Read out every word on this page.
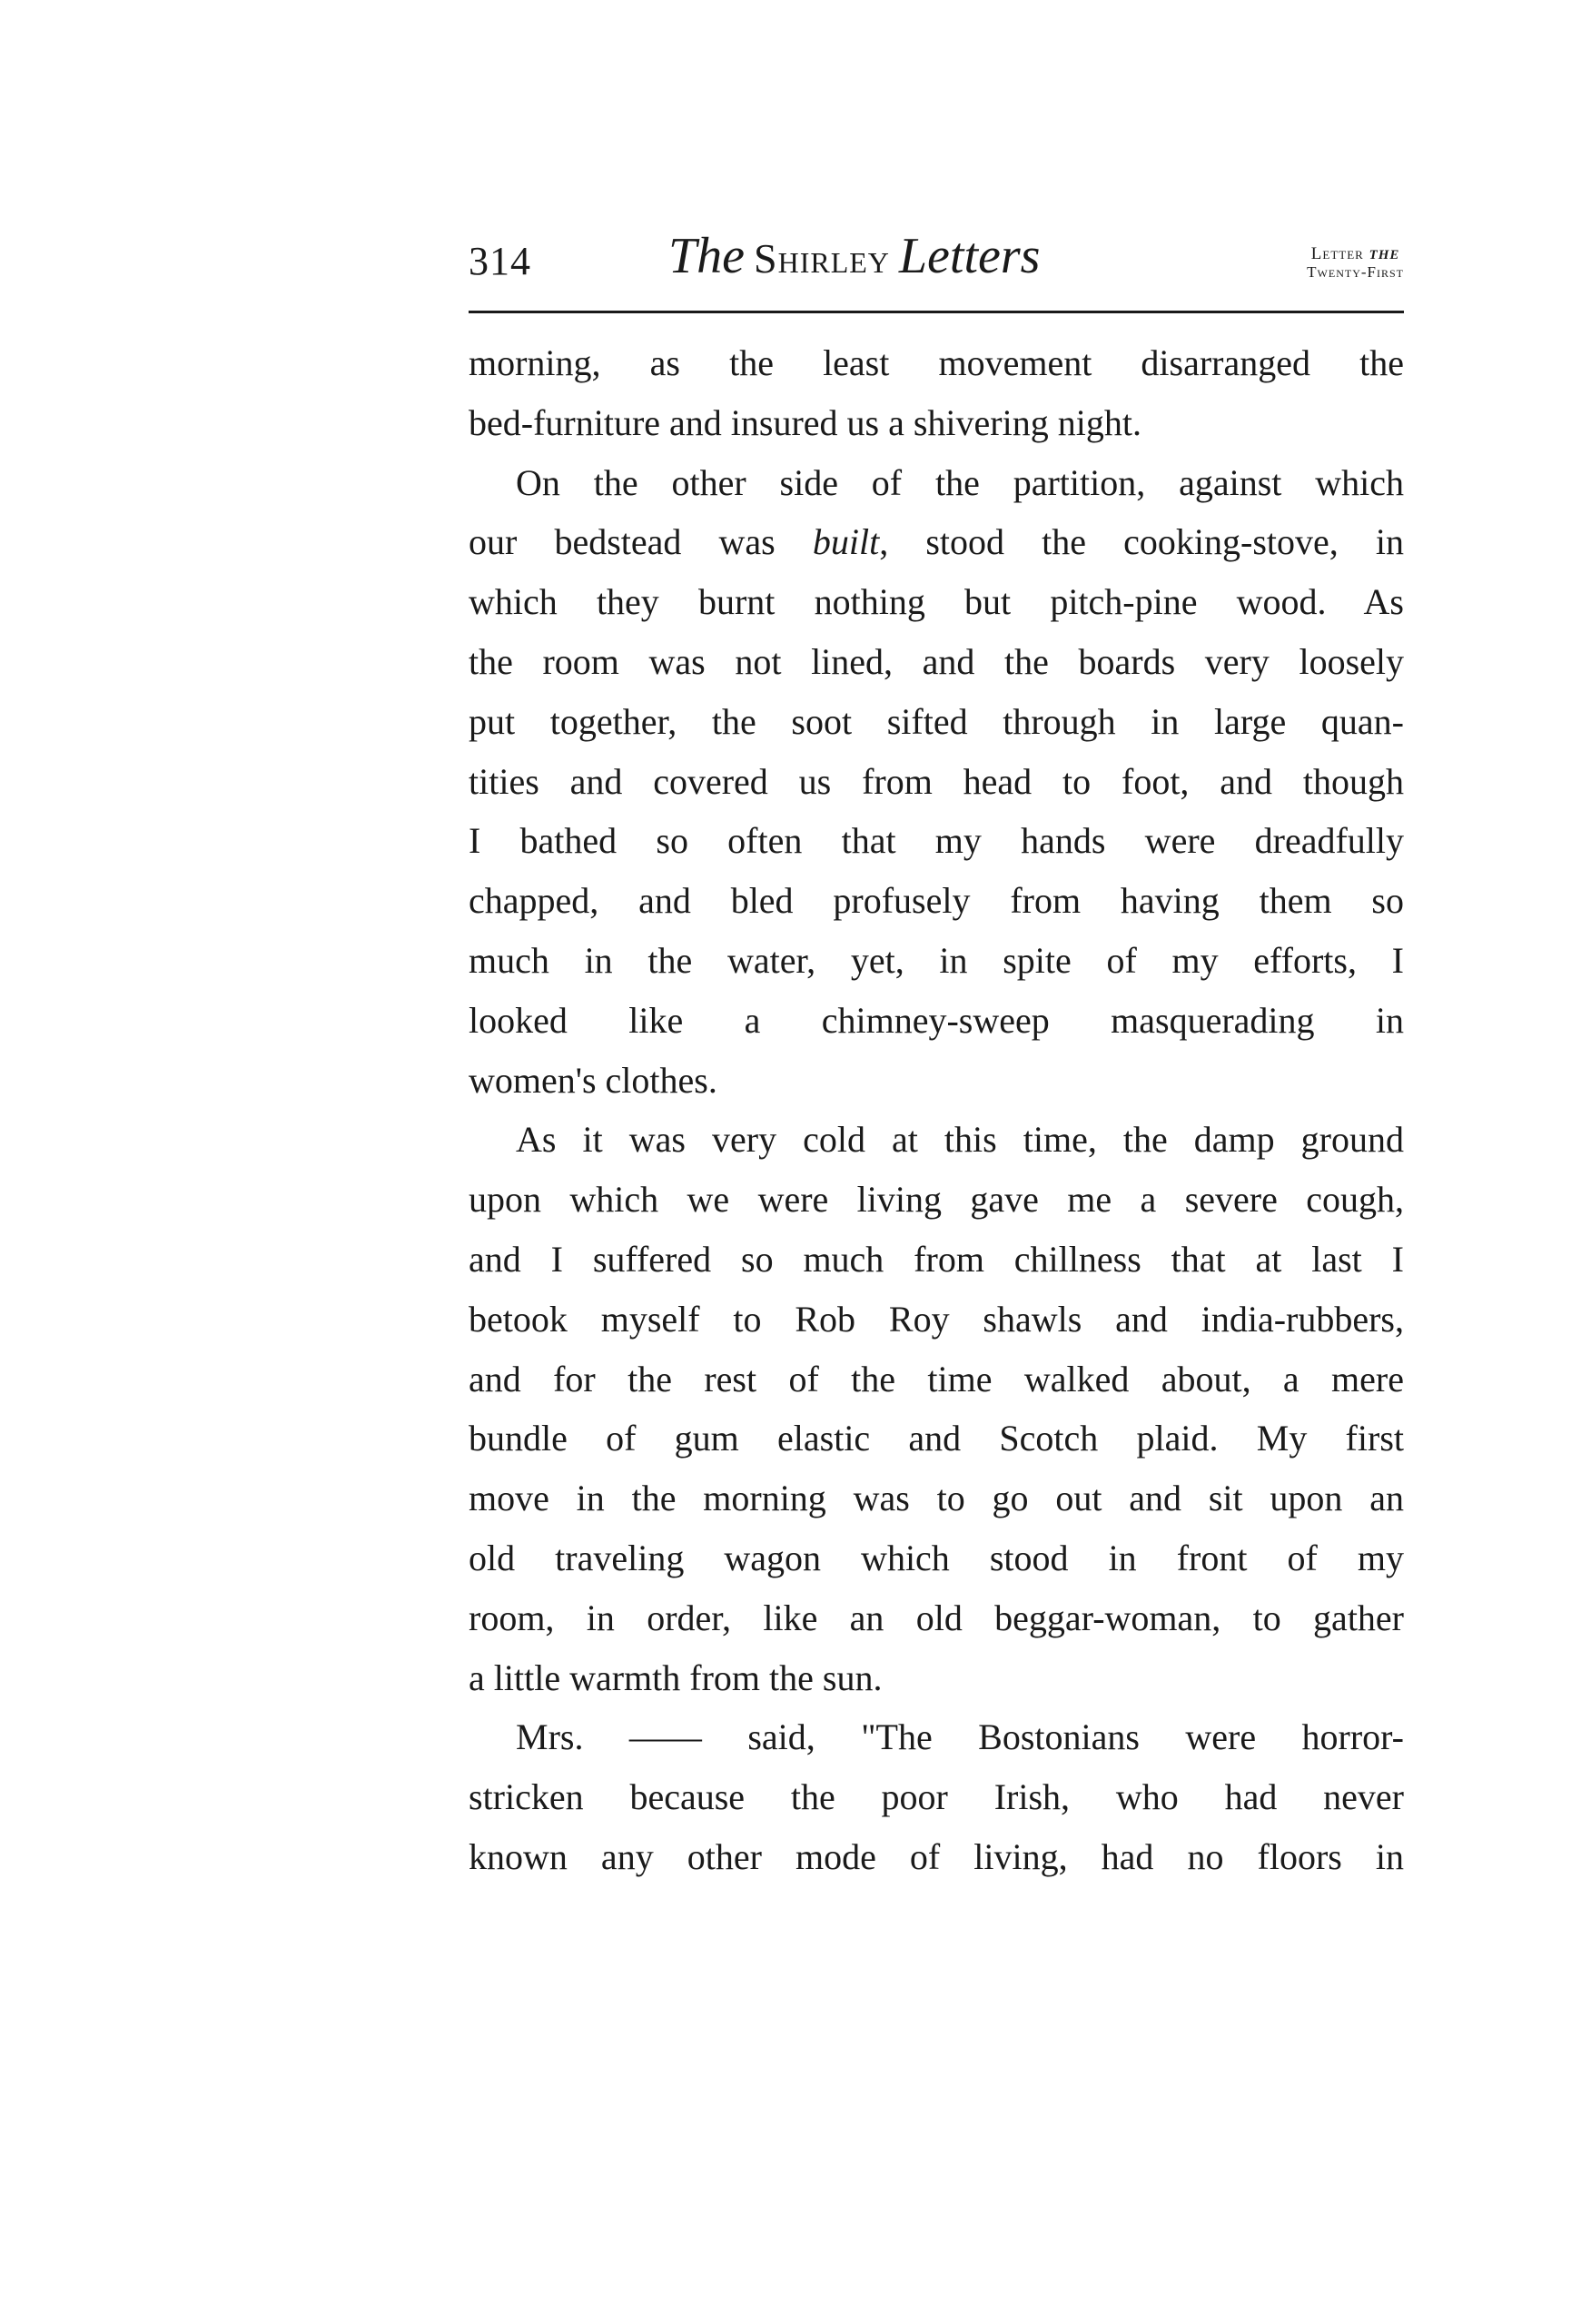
314	The Shirley Letters	Letter the
Twenty-First
morning, as the least movement disarranged the
bed-furniture and insured us a shivering night.
On the other side of the partition, against which
our bedstead was built, stood the cooking-stove, in
which they burnt nothing but pitch-pine wood. As
the room was not lined, and the boards very loosely
put together, the soot sifted through in large quan-
tities and covered us from head to foot, and though
I bathed so often that my hands were dreadfully
chapped, and bled profusely from having them so
much in the water, yet, in spite of my efforts, I
looked like a chimney-sweep masquerading in
women's clothes.
As it was very cold at this time, the damp ground
upon which we were living gave me a severe cough,
and I suffered so much from chillness that at last I
betook myself to Rob Roy shawls and india-rubbers,
and for the rest of the time walked about, a mere
bundle of gum elastic and Scotch plaid. My first
move in the morning was to go out and sit upon an
old traveling wagon which stood in front of my
room, in order, like an old beggar-woman, to gather
a little warmth from the sun.
Mrs. —— said, "The Bostonians were horror-
stricken because the poor Irish, who had never
known any other mode of living, had no floors in
